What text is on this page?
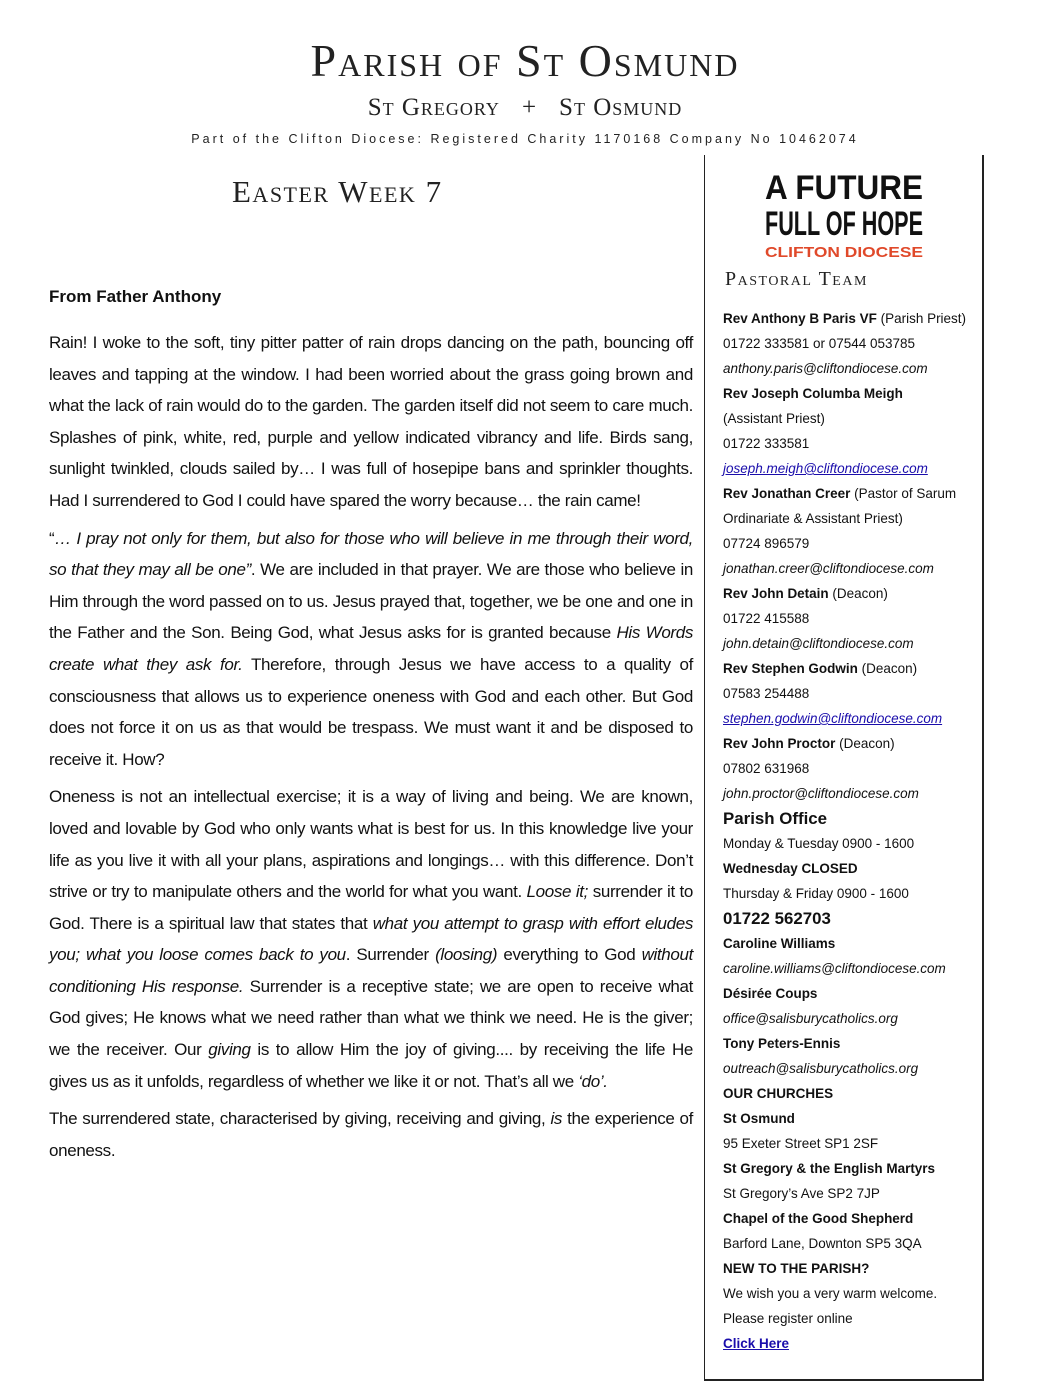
Parish of St Osmund
St Gregory + St Osmund
Part of the Clifton Diocese: Registered Charity 1170168 Company No 10462074
Easter Week 7
From Father Anthony

Rain! I woke to the soft, tiny pitter patter of rain drops dancing on the path, bouncing off leaves and tapping at the window. I had been worried about the grass going brown and what the lack of rain would do to the garden. The garden itself did not seem to care much. Splashes of pink, white, red, purple and yellow indicated vibrancy and life. Birds sang, sunlight twinkled, clouds sailed by… I was full of hosepipe bans and sprinkler thoughts. Had I surrendered to God I could have spared the worry because… the rain came!

“… I pray not only for them, but also for those who will believe in me through their word, so that they may all be one”. We are included in that prayer. We are those who believe in Him through the word passed on to us. Jesus prayed that, together, we be one and one in the Father and the Son. Being God, what Jesus asks for is granted because His Words create what they ask for. Therefore, through Jesus we have access to a quality of consciousness that allows us to experience oneness with God and each other. But God does not force it on us as that would be trespass. We must want it and be disposed to receive it. How?

Oneness is not an intellectual exercise; it is a way of living and being. We are known, loved and lovable by God who only wants what is best for us. In this knowledge live your life as you live it with all your plans, aspirations and longings… with this difference. Don’t strive or try to manipulate others and the world for what you want. Loose it; surrender it to God. There is a spiritual law that states that what you attempt to grasp with effort eludes you; what you loose comes back to you. Surrender (loosing) everything to God without conditioning His response. Surrender is a receptive state; we are open to receive what God gives; He knows what we need rather than what we think we need. He is the giver; we the receiver. Our giving is to allow Him the joy of giving.... by receiving the life He gives us as it unfolds, regardless of whether we like it or not. That’s all we ‘do’.

The surrendered state, characterised by giving, receiving and giving, is the experience of oneness.

A FUTURE
FULL OF HOPE
CLIFTON DIOCESE
Pastoral Team
Rev Anthony B Paris VF (Parish Priest)
01722 333581 or 07544 053785
anthony.paris@cliftondiocese.com
Rev Joseph Columba Meigh
(Assistant Priest)
01722 333581
joseph.meigh@cliftondiocese.com
Rev Jonathan Creer (Pastor of Sarum
Ordinariate & Assistant Priest)
07724 896579
jonathan.creer@cliftondiocese.com
Rev John Detain (Deacon)
01722 415588
john.detain@cliftondiocese.com
Rev Stephen Godwin (Deacon)
07583 254488
stephen.godwin@cliftondiocese.com
Rev John Proctor (Deacon)
07802 631968
john.proctor@cliftondiocese.com
Parish Office
Monday & Tuesday 0900 - 1600
Wednesday CLOSED
Thursday & Friday 0900 - 1600
01722 562703
Caroline Williams
caroline.williams@cliftondiocese.com
Désirée Coups
office@salisburycatholics.org
Tony Peters-Ennis
outreach@salisburycatholics.org
OUR CHURCHES
St Osmund
95 Exeter Street SP1 2SF
St Gregory & the English Martyrs
St Gregory’s Ave SP2 7JP
Chapel of the Good Shepherd
Barford Lane, Downton SP5 3QA
NEW TO THE PARISH?
We wish you a very warm welcome.
Please register online
Click Here
